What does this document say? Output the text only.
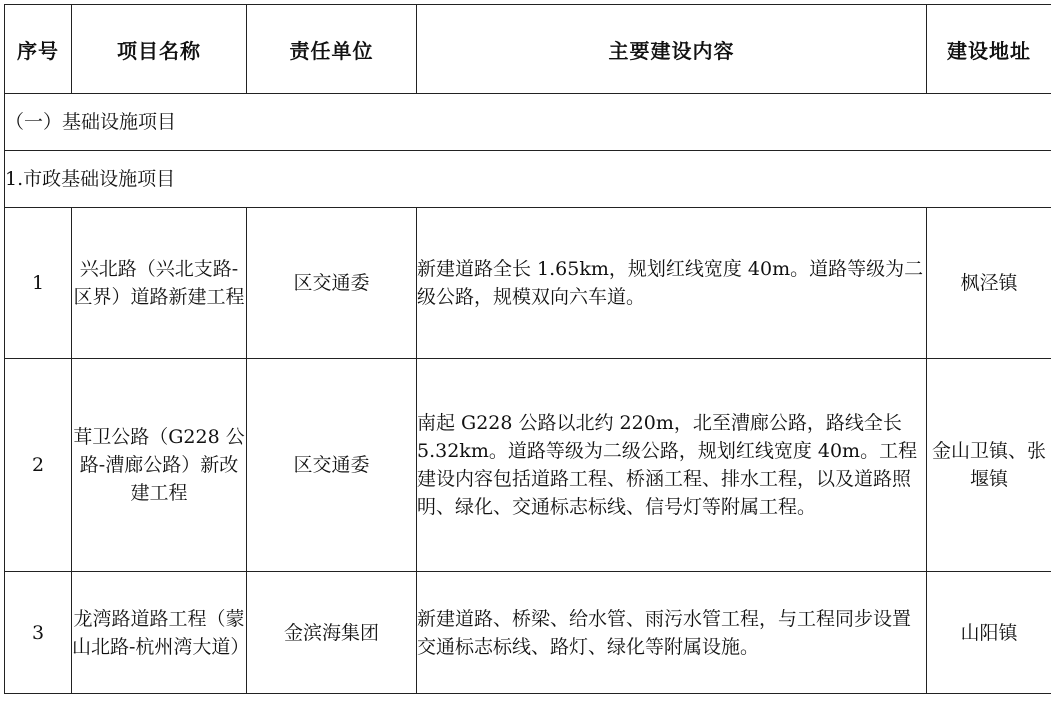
序号	项目名称	责任单位	主要建设内容	建设地址
（一）基础设施项目				
1.市政基础设施项目				
1	兴北路（兴北支路-区界）道路新建工程	区交通委	新建道路全长 1.65km，规划红线宽度 40m。道路等级为二级公路，规模双向六车道。	枫泾镇
2	茸卫公路（G228 公路-漕廊公路）新改建工程	区交通委	南起 G228 公路以北约 220m，北至漕廊公路，路线全长 5.32km。道路等级为二级公路，规划红线宽度 40m。工程建设内容包括道路工程、桥涵工程、排水工程，以及道路照明、绿化、交通标志标线、信号灯等附属工程。	金山卫镇、张堰镇
3	龙湾路道路工程（蒙山北路-杭州湾大道）	金滨海集团	新建道路、桥梁、给水管、雨污水管工程，与工程同步设置交通标志标线、路灯、绿化等附属设施。	山阳镇
